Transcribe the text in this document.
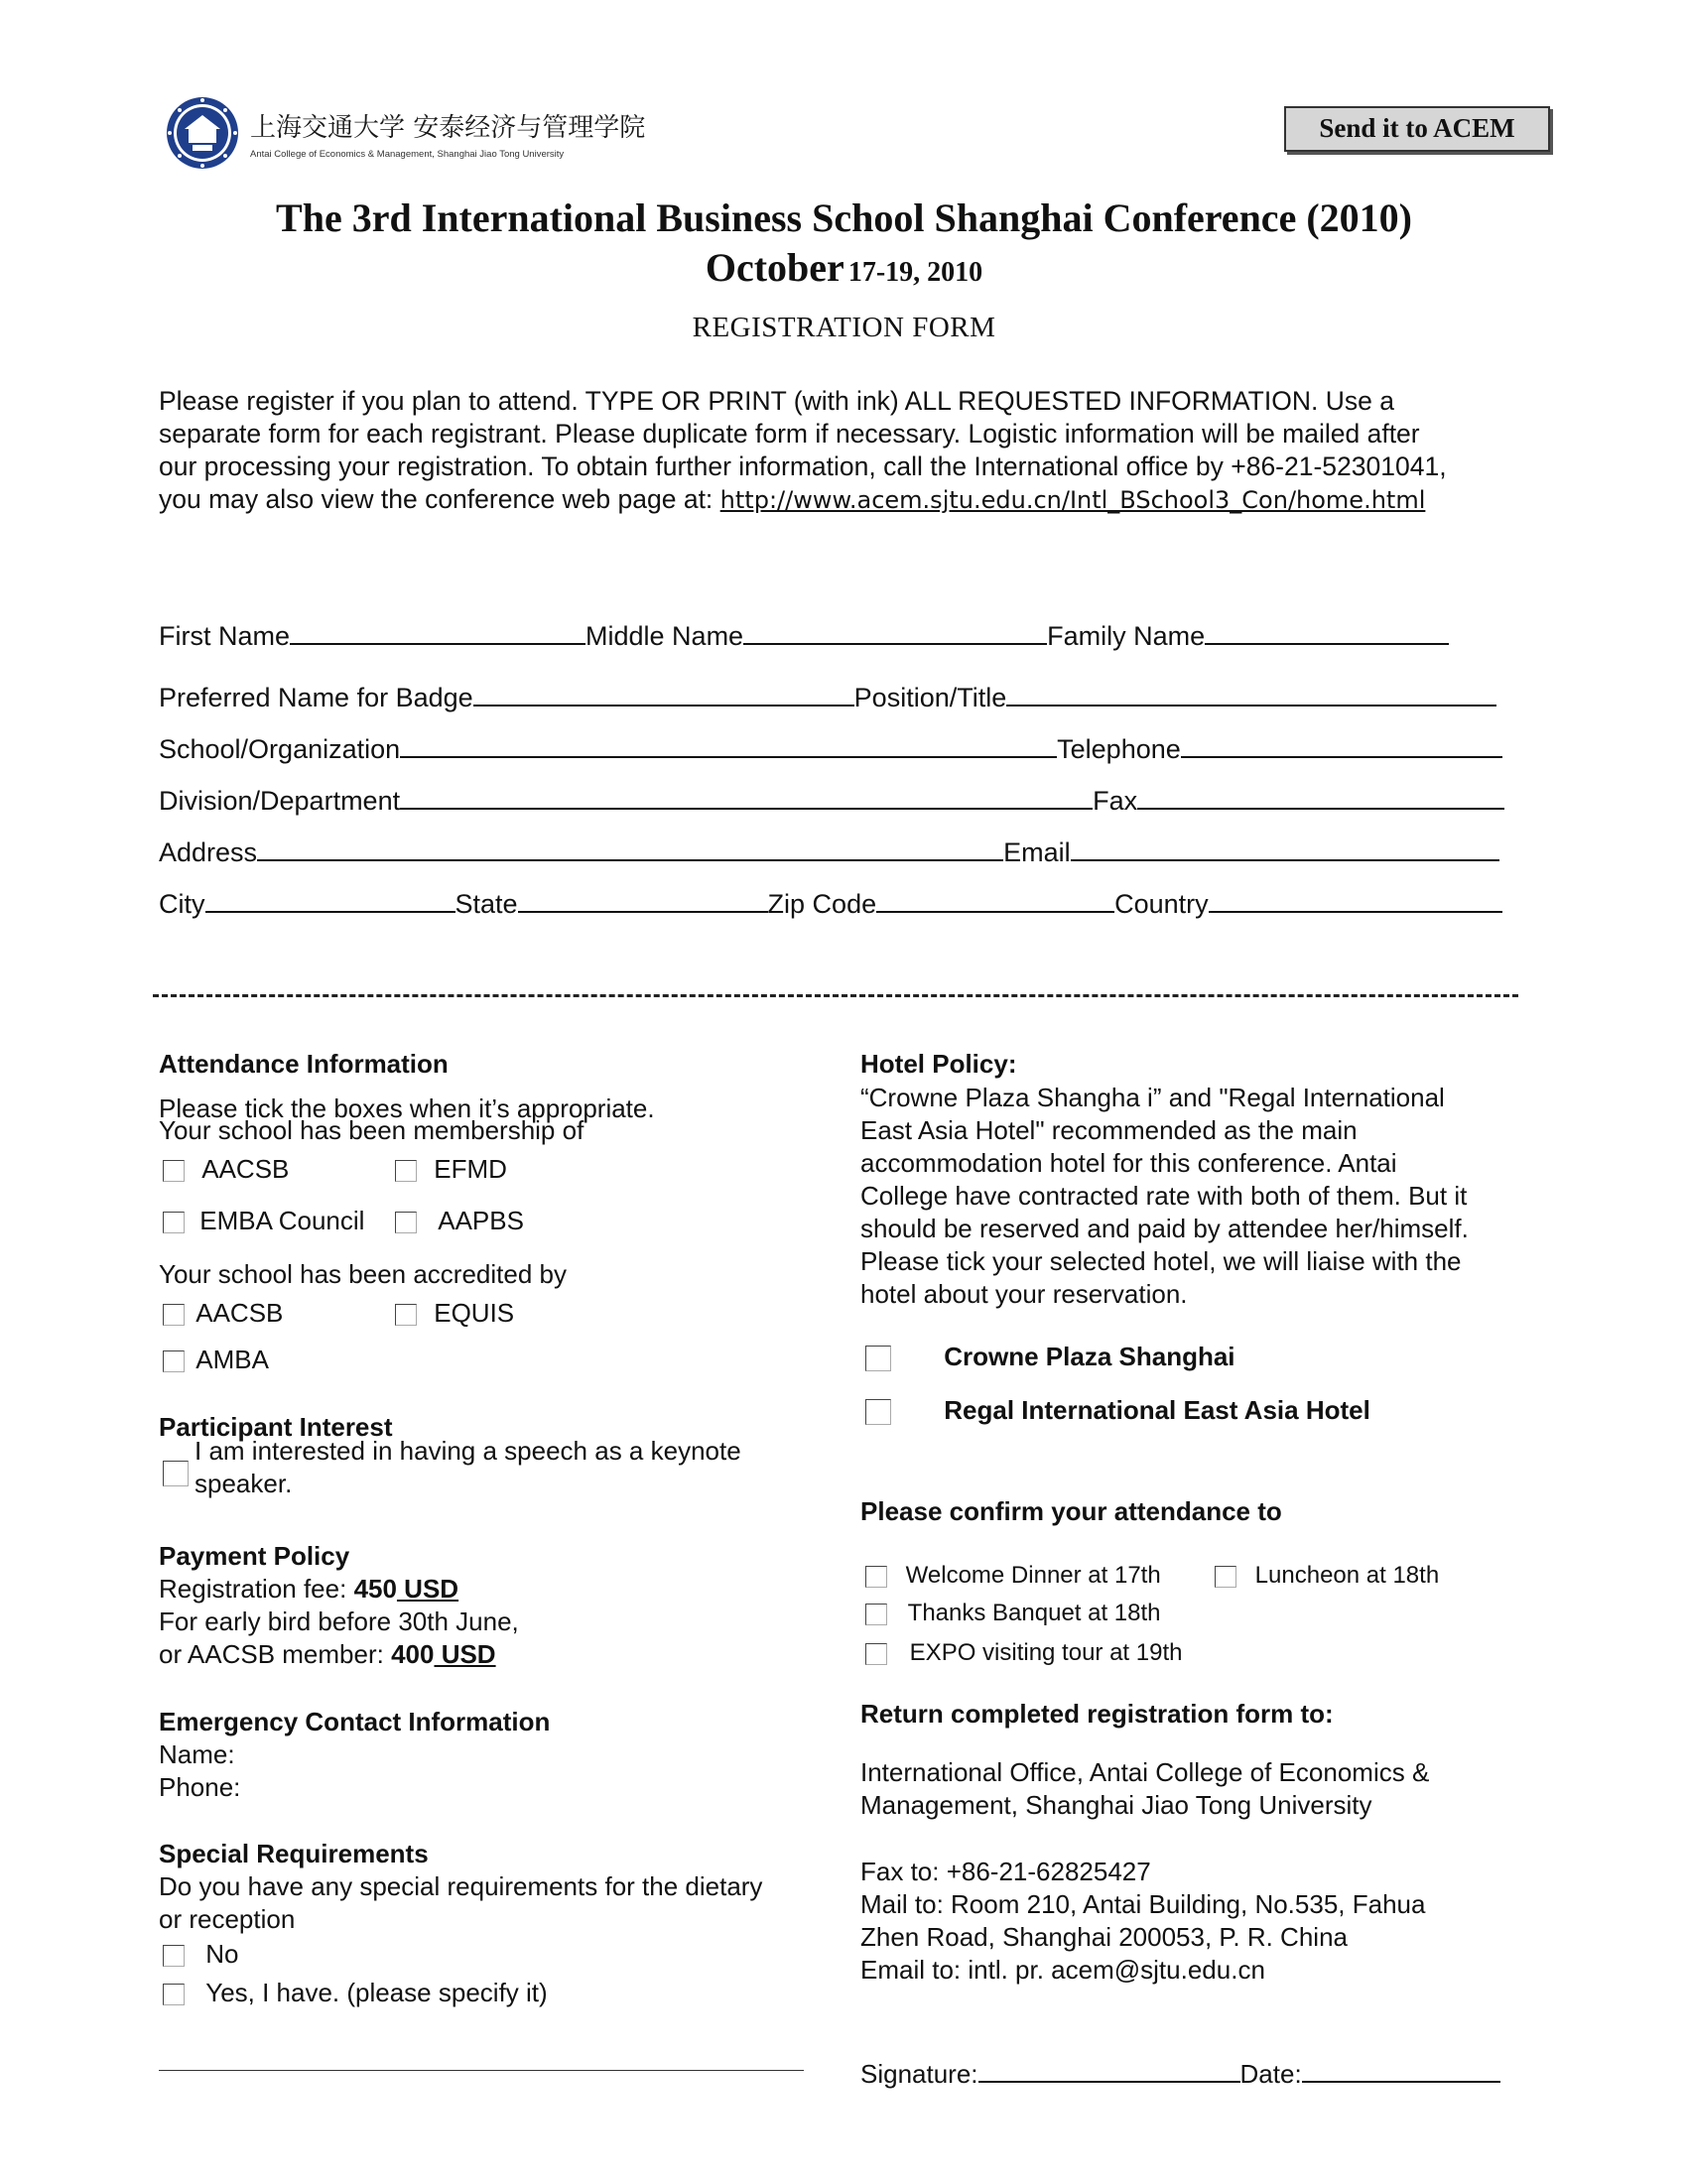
上海交通大学 安泰经济与管理学院
Antai College of Economics & Management, Shanghai Jiao Tong University
Send it to ACEM
The 3rd International Business School Shanghai Conference (2010)
October 17-19, 2010
REGISTRATION FORM
Please register if you plan to attend. TYPE OR PRINT (with ink) ALL REQUESTED INFORMATION. Use a
separate form for each registrant. Please duplicate form if necessary. Logistic information will be mailed after
our processing your registration. To obtain further information, call the International office by +86-21-52301041,
you may also view the conference web page at: http://www.acem.sjtu.edu.cn/Intl_BSchool3_Con/home.html
First Name	Middle Name	Family Name
Preferred Name for Badge	Position/Title
School/Organization	Telephone
Division/Department	Fax
Address	Email
City	State	Zip Code	Country
Attendance Information
Please tick the boxes when it’s appropriate.
Your school has been membership of
AACSB	EFMD
EMBA Council	AAPBS
Your school has been accredited by
AACSB	EQUIS
AMBA
Participant Interest
I am interested in having a speech as a keynote
speaker.
Payment Policy
Registration fee: 450 USD
For early bird before 30th June,
or AACSB member: 400 USD
Emergency Contact Information
Name:
Phone:
Special Requirements
Do you have any special requirements for the dietary
or reception
No
Yes, I have. (please specify it)
Hotel Policy:
“Crowne Plaza Shangha i” and "Regal International
East Asia Hotel" recommended as the main
accommodation hotel for this conference. Antai
College have contracted rate with both of them. But it
should be reserved and paid by attendee her/himself.
Please tick your selected hotel, we will liaise with the
hotel about your reservation.
Crowne Plaza Shanghai
Regal International East Asia Hotel
Please confirm your attendance to
Welcome Dinner at 17th	Luncheon at 18th
Thanks Banquet at 18th
EXPO visiting tour at 19th
Return completed registration form to:
International Office, Antai College of Economics &
Management, Shanghai Jiao Tong University
Fax to: +86-21-62825427
Mail to: Room 210, Antai Building, No.535, Fahua
Zhen Road, Shanghai 200053, P. R. China
Email to: intl. pr. acem@sjtu.edu.cn
Signature:	Date:
